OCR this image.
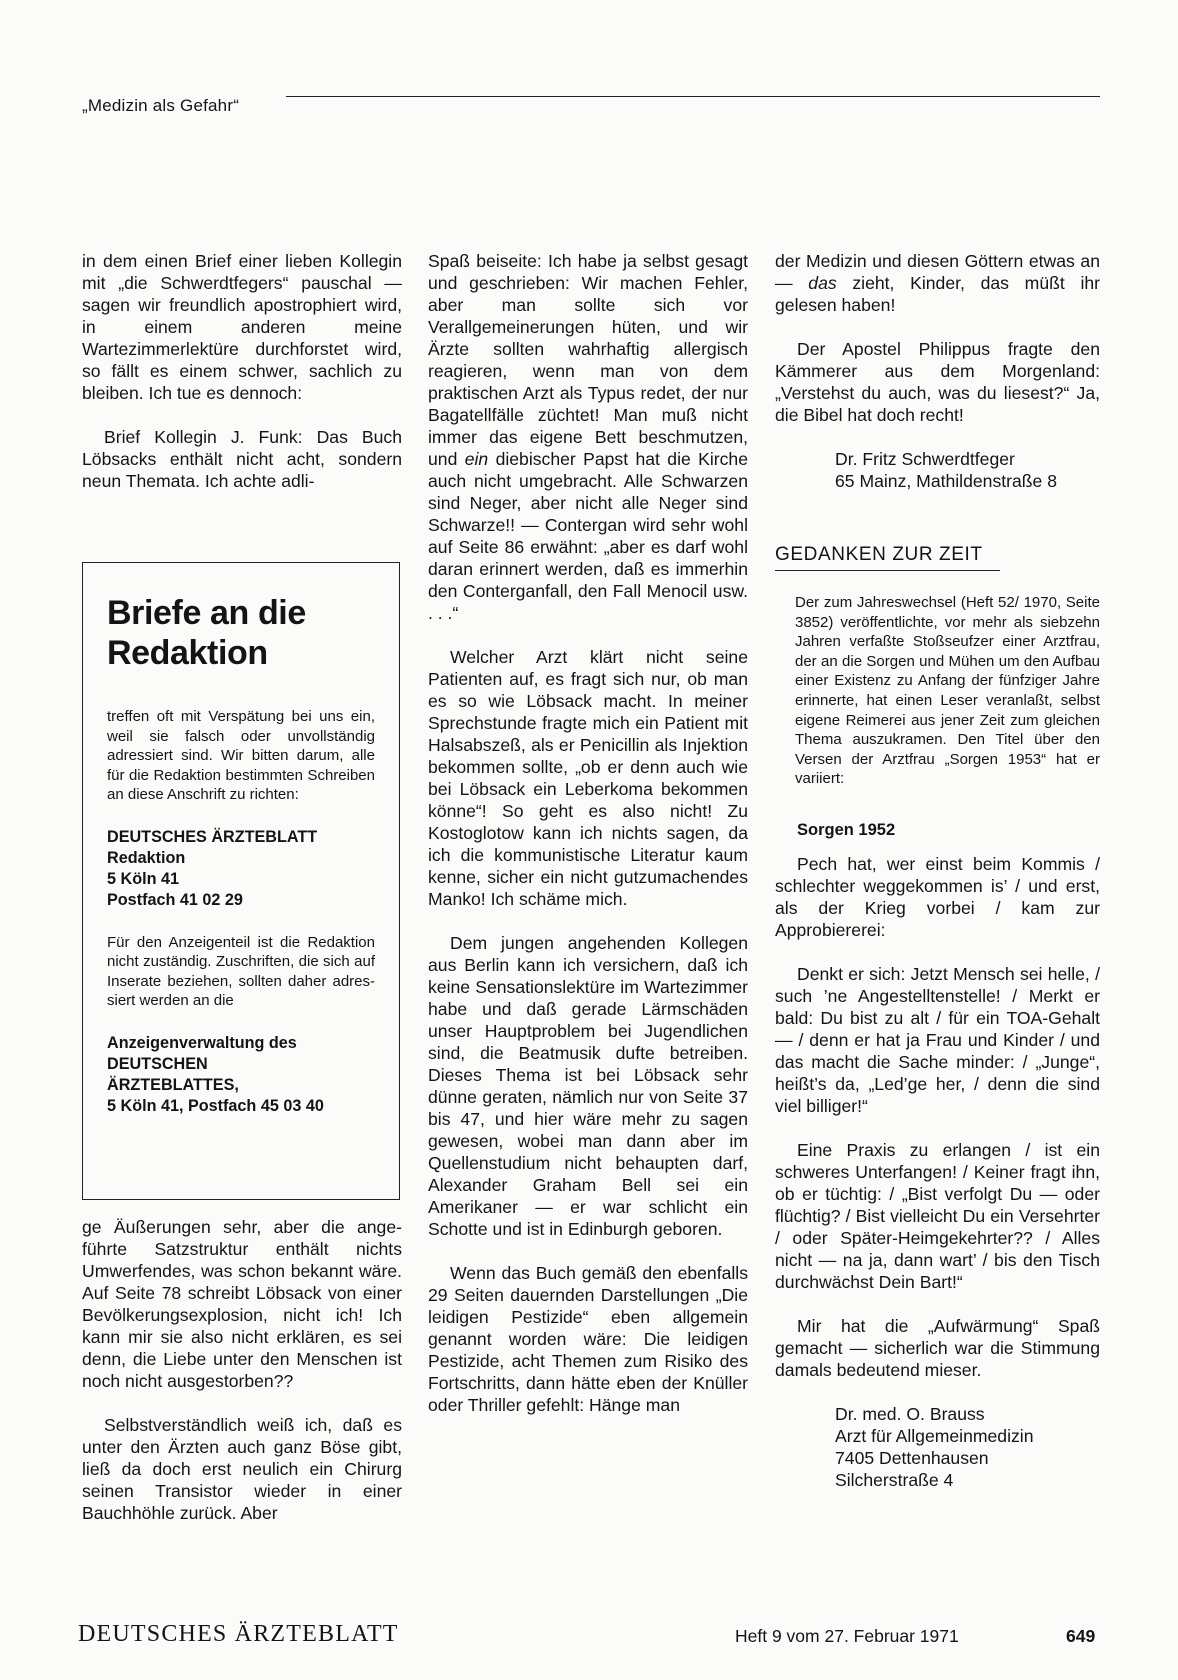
„Medizin als Gefahr“

in dem einen Brief einer lieben Kollegin mit „die Schwerdtfegers“ pauschal — sagen wir freundlich apostrophiert wird, in einem anderen meine Wartezimmerlektüre durchforstet wird, so fällt es einem schwer, sachlich zu bleiben. Ich tue es dennoch:

Brief Kollegin J. Funk: Das Buch Löbsacks enthält nicht acht, sondern neun Themata. Ich achte adli-

Briefe an die
Redaktion
treffen oft mit Verspätung bei uns ein, weil sie falsch oder unvollständig adressiert sind. Wir bitten darum, alle für die Redaktion bestimmten Schreiben an diese Anschrift zu richten:
DEUTSCHES ÄRZTEBLATT
Redaktion
5 Köln 41
Postfach 41 02 29
Für den Anzeigenteil ist die Redaktion nicht zuständig. Zuschriften, die sich auf Inserate beziehen, sollten daher adressiert werden an die
Anzeigenverwaltung des
DEUTSCHEN
ÄRZTEBLATTES,
5 Köln 41, Postfach 45 03 40

ge Äußerungen sehr, aber die angeführte Satzstruktur enthält nichts Umwerfendes, was schon bekannt wäre. Auf Seite 78 schreibt Löbsack von einer Bevölkerungsexplosion, nicht ich! Ich kann mir sie also nicht erklären, es sei denn, die Liebe unter den Menschen ist noch nicht ausgestorben??

Selbstverständlich weiß ich, daß es unter den Ärzten auch ganz Böse gibt, ließ da doch erst neulich ein Chirurg seinen Transistor wieder in einer Bauchhöhle zurück. Aber

Spaß beiseite: Ich habe ja selbst gesagt und geschrieben: Wir machen Fehler, aber man sollte sich vor Verallgemeinerungen hüten, und wir Ärzte sollten wahrhaftig allergisch reagieren, wenn man von dem praktischen Arzt als Typus redet, der nur Bagatellfälle züchtet! Man muß nicht immer das eigene Bett beschmutzen, und ein diebischer Papst hat die Kirche auch nicht umgebracht. Alle Schwarzen sind Neger, aber nicht alle Neger sind Schwarze!! — Contergan wird sehr wohl auf Seite 86 erwähnt: „aber es darf wohl daran erinnert werden, daß es immerhin den Conterganfall, den Fall Menocil usw. . . .“

Welcher Arzt klärt nicht seine Patienten auf, es fragt sich nur, ob man es so wie Löbsack macht. In meiner Sprechstunde fragte mich ein Patient mit Halsabszeß, als er Penicillin als Injektion bekommen sollte, „ob er denn auch wie bei Löbsack ein Leberkoma bekommen könne“! So geht es also nicht! Zu Kostoglotow kann ich nichts sagen, da ich die kommunistische Literatur kaum kenne, sicher ein nicht gutzumachendes Manko! Ich schäme mich.

Dem jungen angehenden Kollegen aus Berlin kann ich versichern, daß ich keine Sensationslektüre im Wartezimmer habe und daß gerade Lärmschäden unser Hauptproblem bei Jugendlichen sind, die Beatmusik dufte betreiben. Dieses Thema ist bei Löbsack sehr dünne geraten, nämlich nur von Seite 37 bis 47, und hier wäre mehr zu sagen gewesen, wobei man dann aber im Quellenstudium nicht behaupten darf, Alexander Graham Bell sei ein Amerikaner — er war schlicht ein Schotte und ist in Edinburgh geboren.

Wenn das Buch gemäß den ebenfalls 29 Seiten dauernden Darstellungen „Die leidigen Pestizide“ eben allgemein genannt worden wäre: Die leidigen Pestizide, acht Themen zum Risiko des Fortschritts, dann hätte eben der Knüller oder Thriller gefehlt: Hänge man

der Medizin und diesen Göttern etwas an — das zieht, Kinder, das müßt ihr gelesen haben!

Der Apostel Philippus fragte den Kämmerer aus dem Morgenland: „Verstehst du auch, was du liesest?“ Ja, die Bibel hat doch recht!

Dr. Fritz Schwerdtfeger
65 Mainz, Mathildenstraße 8
GEDANKEN ZUR ZEIT
Der zum Jahreswechsel (Heft 52/ 1970, Seite 3852) veröffentlichte, vor mehr als siebzehn Jahren verfaßte Stoßseufzer einer Arztfrau, der an die Sorgen und Mühen um den Aufbau einer Existenz zu Anfang der fünfziger Jahre erinnerte, hat einen Leser veranlaßt, selbst eigene Reimerei aus jener Zeit zum gleichen Thema auszukramen. Den Titel über den Versen der Arztfrau „Sorgen 1953“ hat er variiert:
Sorgen 1952

Pech hat, wer einst beim Kommis / schlechter weggekommen is’ / und erst, als der Krieg vorbei / kam zur Approbiererei:

Denkt er sich: Jetzt Mensch sei helle, / such ’ne Angestelltenstelle! / Merkt er bald: Du bist zu alt / für ein TOA-Gehalt — / denn er hat ja Frau und Kinder / und das macht die Sache minder: / „Junge“, heißt’s da, „Led’ge her, / denn die sind viel billiger!“

Eine Praxis zu erlangen / ist ein schweres Unterfangen! / Keiner fragt ihn, ob er tüchtig: / „Bist verfolgt Du — oder flüchtig? / Bist vielleicht Du ein Versehrter / oder Später-Heimgekehrter?? / Alles nicht — na ja, dann wart’ / bis den Tisch durchwächst Dein Bart!“

Mir hat die „Aufwärmung“ Spaß gemacht — sicherlich war die Stimmung damals bedeutend mieser.

Dr. med. O. Brauss
Arzt für Allgemeinmedizin
7405 Dettenhausen
Silcherstraße 4
DEUTSCHES ÄRZTEBLATT	Heft 9 vom 27. Februar 1971	649
